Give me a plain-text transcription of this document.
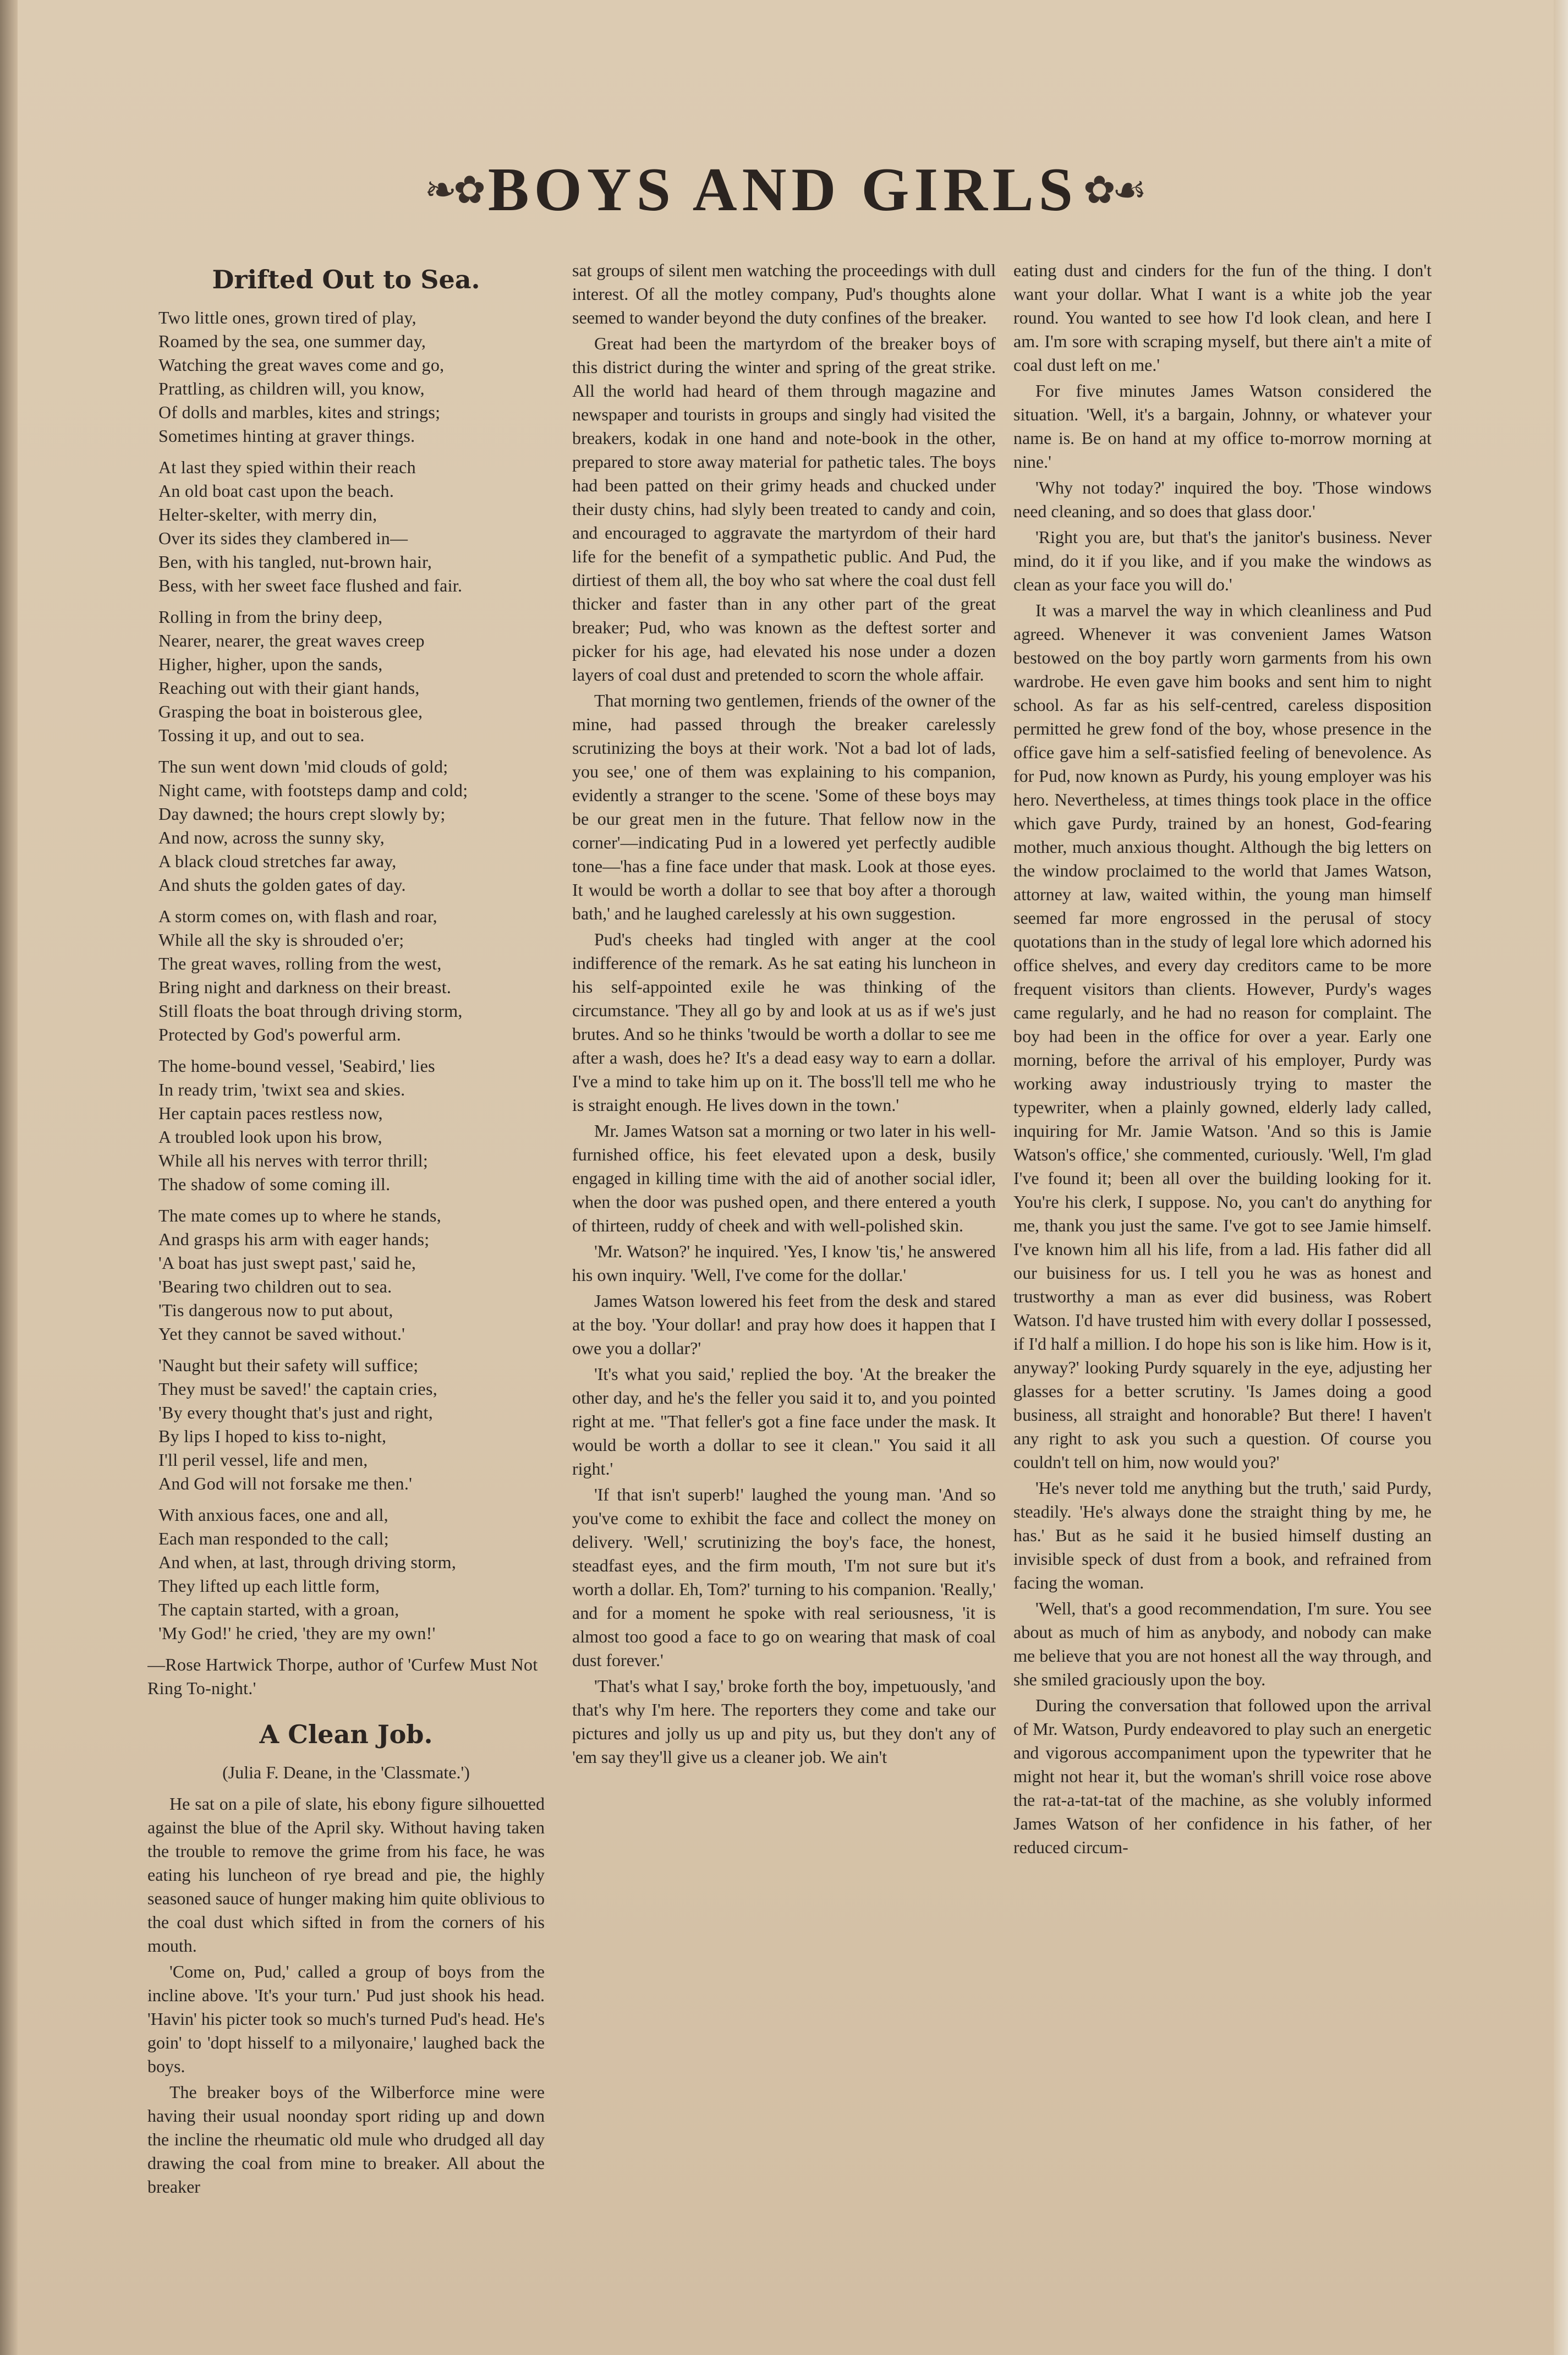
❧✿ BOYS AND GIRLS ✿☙
Drifted Out to Sea.
Two little ones, grown tired of play,
Roamed by the sea, one summer day,
Watching the great waves come and go,
Prattling, as children will, you know,
Of dolls and marbles, kites and strings;
Sometimes hinting at graver things.
At last they spied within their reach
An old boat cast upon the beach.
Helter-skelter, with merry din,
Over its sides they clambered in—
Ben, with his tangled, nut-brown hair,
Bess, with her sweet face flushed and fair.
Rolling in from the briny deep,
Nearer, nearer, the great waves creep
Higher, higher, upon the sands,
Reaching out with their giant hands,
Grasping the boat in boisterous glee,
Tossing it up, and out to sea.
The sun went down 'mid clouds of gold;
Night came, with footsteps damp and cold;
Day dawned; the hours crept slowly by;
And now, across the sunny sky,
A black cloud stretches far away,
And shuts the golden gates of day.
A storm comes on, with flash and roar,
While all the sky is shrouded o'er;
The great waves, rolling from the west,
Bring night and darkness on their breast.
Still floats the boat through driving storm,
Protected by God's powerful arm.
The home-bound vessel, 'Seabird,' lies
In ready trim, 'twixt sea and skies.
Her captain paces restless now,
A troubled look upon his brow,
While all his nerves with terror thrill;
The shadow of some coming ill.
The mate comes up to where he stands,
And grasps his arm with eager hands;
'A boat has just swept past,' said he,
'Bearing two children out to sea.
'Tis dangerous now to put about,
Yet they cannot be saved without.'
'Naught but their safety will suffice;
They must be saved!' the captain cries,
'By every thought that's just and right,
By lips I hoped to kiss to-night,
I'll peril vessel, life and men,
And God will not forsake me then.'
With anxious faces, one and all,
Each man responded to the call;
And when, at last, through driving storm,
They lifted up each little form,
The captain started, with a groan,
'My God!' he cried, 'they are my own!'
—Rose Hartwick Thorpe, author of 'Curfew Must Not Ring To-night.'
A Clean Job.
(Julia F. Deane, in the 'Classmate.')

He sat on a pile of slate, his ebony figure silhouetted against the blue of the April sky. Without having taken the trouble to remove the grime from his face, he was eating his luncheon of rye bread and pie, the highly seasoned sauce of hunger making him quite oblivious to the coal dust which sifted in from the corners of his mouth.

'Come on, Pud,' called a group of boys from the incline above. 'It's your turn.' Pud just shook his head. 'Havin' his picter took so much's turned Pud's head. He's goin' to 'dopt hisself to a milyonaire,' laughed back the boys.

The breaker boys of the Wilberforce mine were having their usual noonday sport riding up and down the incline the rheumatic old mule who drudged all day drawing the coal from mine to breaker. All about the breaker

sat groups of silent men watching the proceedings with dull interest. Of all the motley company, Pud's thoughts alone seemed to wander beyond the duty confines of the breaker.

Great had been the martyrdom of the breaker boys of this district during the winter and spring of the great strike. All the world had heard of them through magazine and newspaper and tourists in groups and singly had visited the breakers, kodak in one hand and note-book in the other, prepared to store away material for pathetic tales. The boys had been patted on their grimy heads and chucked under their dusty chins, had slyly been treated to candy and coin, and encouraged to aggravate the martyrdom of their hard life for the benefit of a sympathetic public. And Pud, the dirtiest of them all, the boy who sat where the coal dust fell thicker and faster than in any other part of the great breaker; Pud, who was known as the deftest sorter and picker for his age, had elevated his nose under a dozen layers of coal dust and pretended to scorn the whole affair.

That morning two gentlemen, friends of the owner of the mine, had passed through the breaker carelessly scrutinizing the boys at their work. 'Not a bad lot of lads, you see,' one of them was explaining to his companion, evidently a stranger to the scene. 'Some of these boys may be our great men in the future. That fellow now in the corner'—indicating Pud in a lowered yet perfectly audible tone—'has a fine face under that mask. Look at those eyes. It would be worth a dollar to see that boy after a thorough bath,' and he laughed carelessly at his own suggestion.

Pud's cheeks had tingled with anger at the cool indifference of the remark. As he sat eating his luncheon in his self-appointed exile he was thinking of the circumstance. 'They all go by and look at us as if we's just brutes. And so he thinks 'twould be worth a dollar to see me after a wash, does he? It's a dead easy way to earn a dollar. I've a mind to take him up on it. The boss'll tell me who he is straight enough. He lives down in the town.'

Mr. James Watson sat a morning or two later in his well-furnished office, his feet elevated upon a desk, busily engaged in killing time with the aid of another social idler, when the door was pushed open, and there entered a youth of thirteen, ruddy of cheek and with well-polished skin.

'Mr. Watson?' he inquired. 'Yes, I know 'tis,' he answered his own inquiry. 'Well, I've come for the dollar.'

James Watson lowered his feet from the desk and stared at the boy. 'Your dollar! and pray how does it happen that I owe you a dollar?'

'It's what you said,' replied the boy. 'At the breaker the other day, and he's the feller you said it to, and you pointed right at me. "That feller's got a fine face under the mask. It would be worth a dollar to see it clean." You said it all right.'

'If that isn't superb!' laughed the young man. 'And so you've come to exhibit the face and collect the money on delivery. 'Well,' scrutinizing the boy's face, the honest, steadfast eyes, and the firm mouth, 'I'm not sure but it's worth a dollar. Eh, Tom?' turning to his companion. 'Really,' and for a moment he spoke with real seriousness, 'it is almost too good a face to go on wearing that mask of coal dust forever.'

'That's what I say,' broke forth the boy, impetuously, 'and that's why I'm here. The reporters they come and take our pictures and jolly us up and pity us, but they don't any of 'em say they'll give us a cleaner job. We ain't

eating dust and cinders for the fun of the thing. I don't want your dollar. What I want is a white job the year round. You wanted to see how I'd look clean, and here I am. I'm sore with scraping myself, but there ain't a mite of coal dust left on me.'

For five minutes James Watson considered the situation. 'Well, it's a bargain, Johnny, or whatever your name is. Be on hand at my office to-morrow morning at nine.'

'Why not today?' inquired the boy. 'Those windows need cleaning, and so does that glass door.'

'Right you are, but that's the janitor's business. Never mind, do it if you like, and if you make the windows as clean as your face you will do.'

It was a marvel the way in which cleanliness and Pud agreed. Whenever it was convenient James Watson bestowed on the boy partly worn garments from his own wardrobe. He even gave him books and sent him to night school. As far as his self-centred, careless disposition permitted he grew fond of the boy, whose presence in the office gave him a self-satisfied feeling of benevolence. As for Pud, now known as Purdy, his young employer was his hero. Nevertheless, at times things took place in the office which gave Purdy, trained by an honest, God-fearing mother, much anxious thought. Although the big letters on the window proclaimed to the world that James Watson, attorney at law, waited within, the young man himself seemed far more engrossed in the perusal of stocy quotations than in the study of legal lore which adorned his office shelves, and every day creditors came to be more frequent visitors than clients. However, Purdy's wages came regularly, and he had no reason for complaint. The boy had been in the office for over a year. Early one morning, before the arrival of his employer, Purdy was working away industriously trying to master the typewriter, when a plainly gowned, elderly lady called, inquiring for Mr. Jamie Watson. 'And so this is Jamie Watson's office,' she commented, curiously. 'Well, I'm glad I've found it; been all over the building looking for it. You're his clerk, I suppose. No, you can't do anything for me, thank you just the same. I've got to see Jamie himself. I've known him all his life, from a lad. His father did all our buisiness for us. I tell you he was as honest and trustworthy a man as ever did business, was Robert Watson. I'd have trusted him with every dollar I possessed, if I'd half a million. I do hope his son is like him. How is it, anyway?' looking Purdy squarely in the eye, adjusting her glasses for a better scrutiny. 'Is James doing a good business, all straight and honorable? But there! I haven't any right to ask you such a question. Of course you couldn't tell on him, now would you?'

'He's never told me anything but the truth,' said Purdy, steadily. 'He's always done the straight thing by me, he has.' But as he said it he busied himself dusting an invisible speck of dust from a book, and refrained from facing the woman.

'Well, that's a good recommendation, I'm sure. You see about as much of him as anybody, and nobody can make me believe that you are not honest all the way through, and she smiled graciously upon the boy.

During the conversation that followed upon the arrival of Mr. Watson, Purdy endeavored to play such an energetic and vigorous accompaniment upon the typewriter that he might not hear it, but the woman's shrill voice rose above the rat-a-tat-tat of the machine, as she volubly informed James Watson of her confidence in his father, of her reduced circum-
